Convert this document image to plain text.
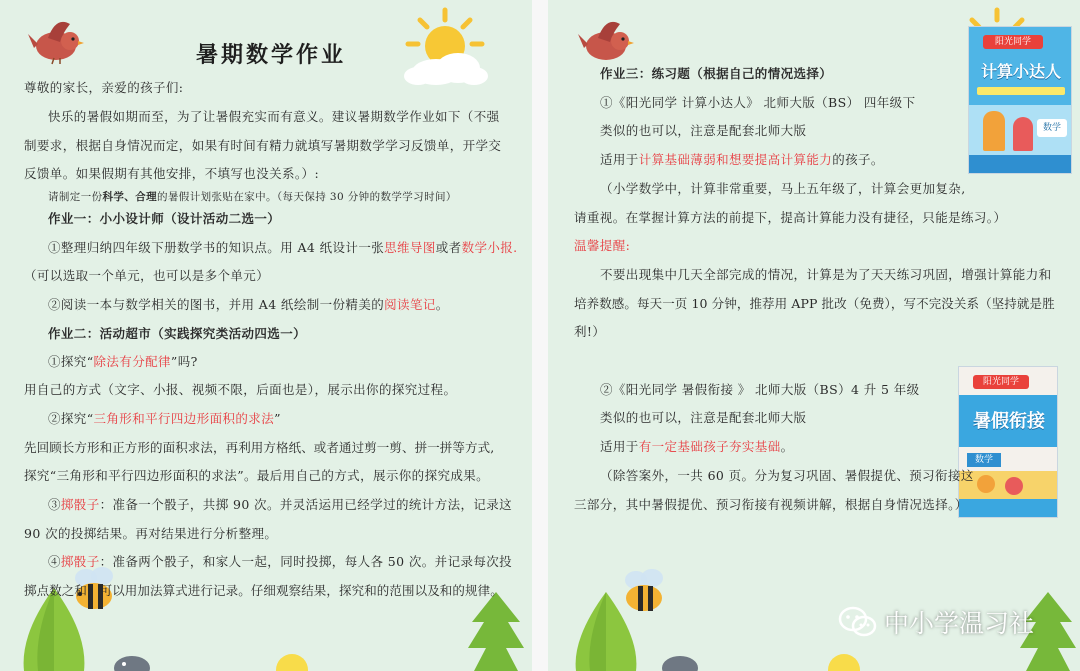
暑期数学作业
尊敬的家长，亲爱的孩子们:
快乐的暑假如期而至，为了让暑假充实而有意义。建议暑期数学作业如下（不强
制要求，根据自身情况而定，如果有时间有精力就填写暑期数学学习反馈单，开学交
反馈单。如果假期有其他安排，不填写也没关系。）:
请制定一份科学、合理的暑假计划张贴在家中。（每天保持 30 分钟的数学学习时间）
作业一：小小设计师（设计活动二选一）
①整理归纳四年级下册数学书的知识点。用 A4 纸设计一张思维导图或者数学小报.
（可以选取一个单元，也可以是多个单元）
②阅读一本与数学相关的图书，并用 A4 纸绘制一份精美的阅读笔记。
作业二：活动超市（实践探究类活动四选一）
①探究“除法有分配律”吗?
用自己的方式（文字、小报、视频不限，后面也是），展示出你的探究过程。
②探究“三角形和平行四边形面积的求法”
先回顾长方形和正方形的面积求法，再利用方格纸、或者通过剪一剪、拼一拼等方式,
探究“三角形和平行四边形面积的求法”。最后用自己的方式，展示你的探究成果。
③掷骰子：准备一个骰子，共掷 90 次。并灵活运用已经学过的统计方法，记录这
90 次的投掷结果。再对结果进行分析整理。
④掷骰子：准备两个骰子，和家人一起，同时投掷，每人各 50 次。并记录每次投
掷点数之和，可以用加法算式进行记录。仔细观察结果，探究和的范围以及和的规律。
阳光同学
计算小达人
数学
阳光同学
暑假衔接
数学
作业三：练习题（根据自己的情况选择）
①《阳光同学 计算小达人》 北师大版（BS） 四年级下
类似的也可以，注意是配套北师大版
适用于计算基础薄弱和想要提高计算能力的孩子。
（小学数学中，计算非常重要，马上五年级了，计算会更加复杂,
请重视。在掌握计算方法的前提下，提高计算能力没有捷径，只能是练习。）
温馨提醒:
不要出现集中几天全部完成的情况，计算是为了天天练习巩固，增强计算能力和
培养数感。每天一页 10 分钟，推荐用 APP 批改（免费），写不完没关系（坚持就是胜
利!）
②《阳光同学 暑假衔接 》 北师大版（BS）4 升 5 年级
类似的也可以，注意是配套北师大版
适用于有一定基础孩子夯实基础。
（除答案外，一共 60 页。分为复习巩固、暑假提优、预习衔接这
三部分，其中暑假提优、预习衔接有视频讲解，根据自身情况选择。）
中小学温习社
